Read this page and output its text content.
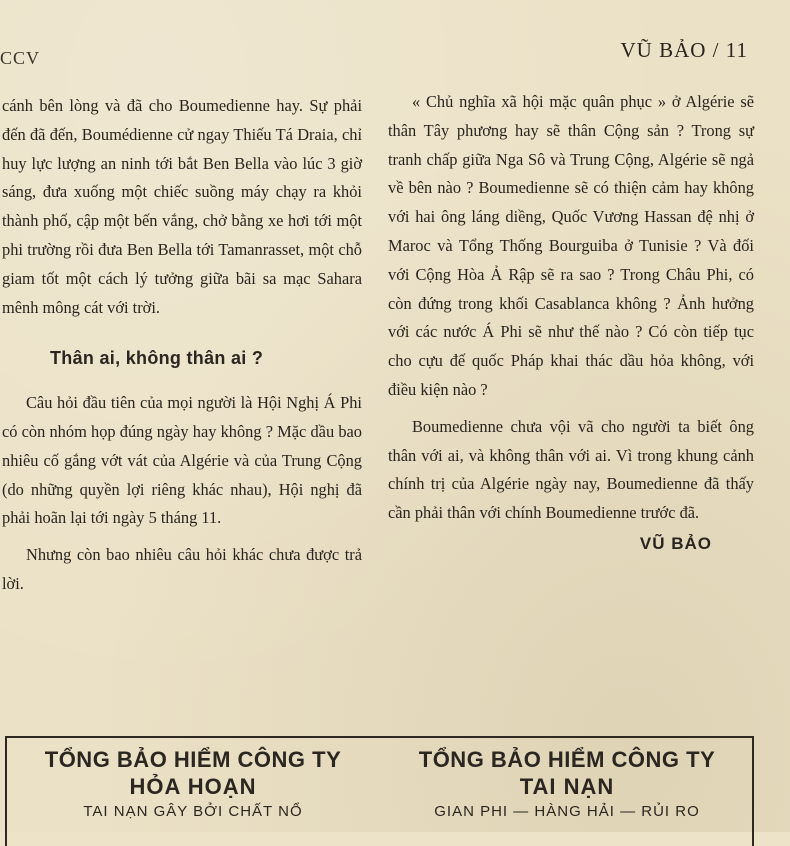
CCV	VŨ BẢO / 11

cánh bên lòng và đã cho Boumedienne hay. Sự phải đến đã đến, Boumédienne cử ngay Thiếu Tá Draia, chỉ huy lực lượng an ninh tới bắt Ben Bella vào lúc 3 giờ sáng, đưa xuống một chiếc suồng máy chạy ra khỏi thành phố, cập một bến vắng, chở bằng xe hơi tới một phi trường rồi đưa Ben Bella tới Tamanrasset, một chỗ giam tốt một cách lý tưởng giữa bãi sa mạc Sahara mênh mông cát với trời.

Thân ai, không thân ai ?

Câu hỏi đầu tiên của mọi người là Hội Nghị Á Phi có còn nhóm họp đúng ngày hay không ? Mặc dầu bao nhiêu cố gắng vớt vát của Algérie và của Trung Cộng (do những quyền lợi riêng khác nhau), Hội nghị đã phải hoãn lại tới ngày 5 tháng 11.

Nhưng còn bao nhiêu câu hỏi khác chưa được trả lời.

« Chủ nghĩa xã hội mặc quân phục » ở Algérie sẽ thân Tây phương hay sẽ thân Cộng sản ? Trong sự tranh chấp giữa Nga Sô và Trung Cộng, Algérie sẽ ngả về bên nào ? Boumedienne sẽ có thiện cảm hay không với hai ông láng diềng, Quốc Vương Hassan đệ nhị ở Maroc và Tổng Thống Bourguiba ở Tunisie ? Và đối với Cộng Hòa Ả Rập sẽ ra sao ? Trong Châu Phi, có còn đứng trong khối Casablanca không ? Ảnh hưởng với các nước Á Phi sẽ như thế nào ? Có còn tiếp tục cho cựu đế quốc Pháp khai thác dầu hỏa không, với điều kiện nào ?

Boumedienne chưa vội vã cho người ta biết ông thân với ai, và không thân với ai. Vì trong khung cảnh chính trị của Algérie ngày nay, Boumedienne đã thấy cần phải thân với chính Boumedienne trước đã.

VŨ BẢO
TỔNG BẢO HIỂM CÔNG TY
HỎA HOẠN
TAI NẠN GÂY BỞI CHẤT NỔ
TỔNG BẢO HIỂM CÔNG TY
TAI NẠN
GIAN PHI — HÀNG HẢI — RỦI RO
